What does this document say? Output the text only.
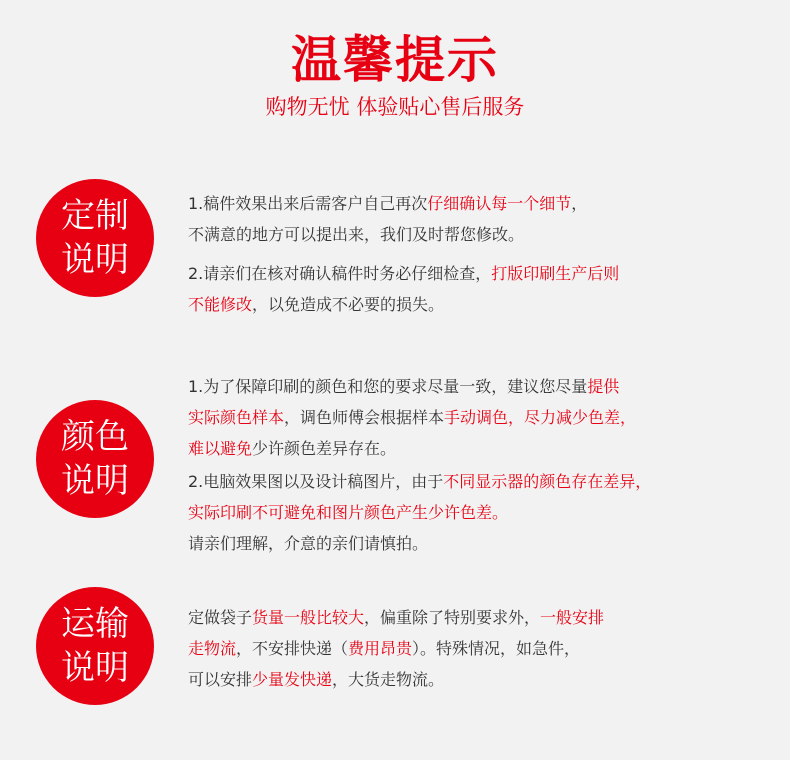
温馨提示
购物无忧 体验贴心售后服务
定制
说明
1.稿件效果出来后需客户自己再次仔细确认每一个细节，
不满意的地方可以提出来，我们及时帮您修改。
2.请亲们在核对确认稿件时务必仔细检查，打版印刷生产后则
不能修改，以免造成不必要的损失。
颜色
说明
1.为了保障印刷的颜色和您的要求尽量一致，建议您尽量提供
实际颜色样本，调色师傅会根据样本手动调色，尽力减少色差，
难以避免少许颜色差异存在。
2.电脑效果图以及设计稿图片，由于不同显示器的颜色存在差异，
实际印刷不可避免和图片颜色产生少许色差。
请亲们理解，介意的亲们请慎拍。
运输
说明
定做袋子货量一般比较大，偏重除了特别要求外，一般安排
走物流，不安排快递（费用昂贵）。特殊情况，如急件，
可以安排少量发快递，大货走物流。
